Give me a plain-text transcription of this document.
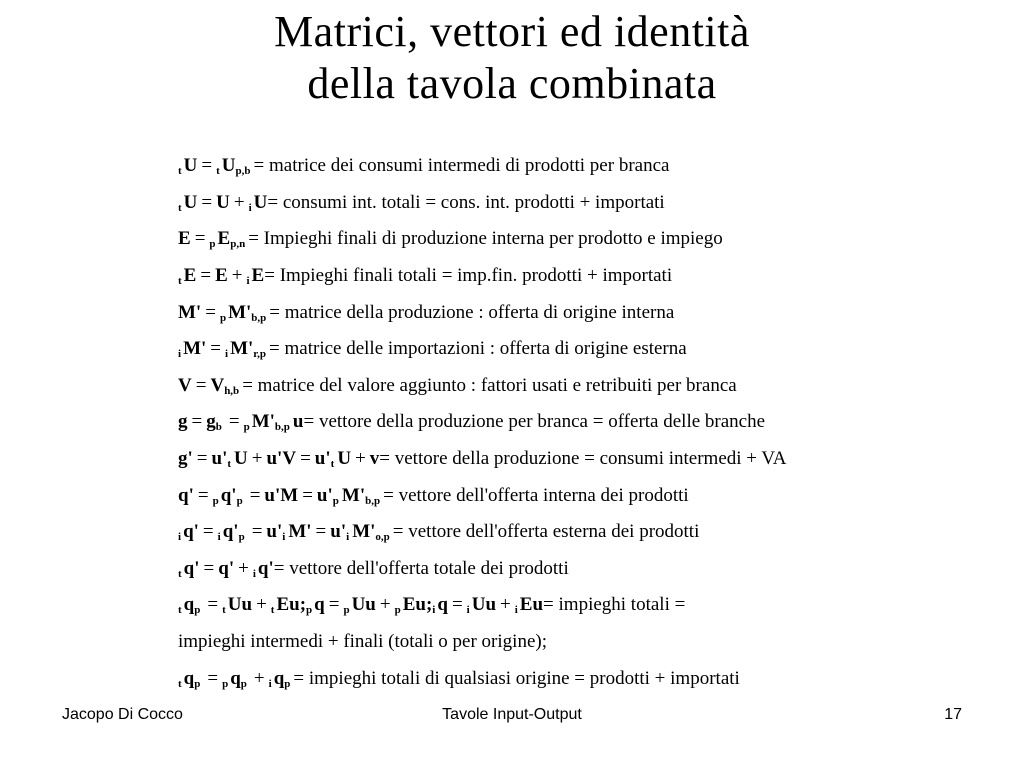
Matrici, vettori ed identità
della tavola combinata
t U = t U p,b = matrice dei consumi intermedi di prodotti per branca
t U = U + i U = consumi int. totali = cons. int. prodotti + importati
E = p E p,n = Impieghi finali di produzione interna per prodotto e impiego
t E = E + i E = Impieghi finali totali = imp.fin. prodotti + importati
M' = p M' b,p = matrice della produzione : offerta di origine interna
i M' = i M' r,p = matrice delle importazioni : offerta di origine esterna
V = V h,b = matrice del valore aggiunto : fattori usati e retribuiti per branca
g = g b = p M' b,p u = vettore della produzione per branca = offerta delle branche
g' = u' t U + u' V = u' t U + v = vettore della produzione = consumi intermedi + VA
q' = p q' p = u' M = u' p M' b,p = vettore dell'offerta interna dei prodotti
i q' = i q' p = u' i M' = u' i M' o,p = vettore dell'offerta esterna dei prodotti
t q' = q' + i q' = vettore dell'offerta totale dei prodotti
t q p = t Uu + t Eu; p q = p Uu + p Eu; i q = i Uu + i Eu = impieghi totali =
impieghi intermedi + finali (totali o per origine);
t q p = p q p + i q p = impieghi totali di qualsiasi origine = prodotti + importati
Jacopo Di Cocco	Tavole Input-Output	17
